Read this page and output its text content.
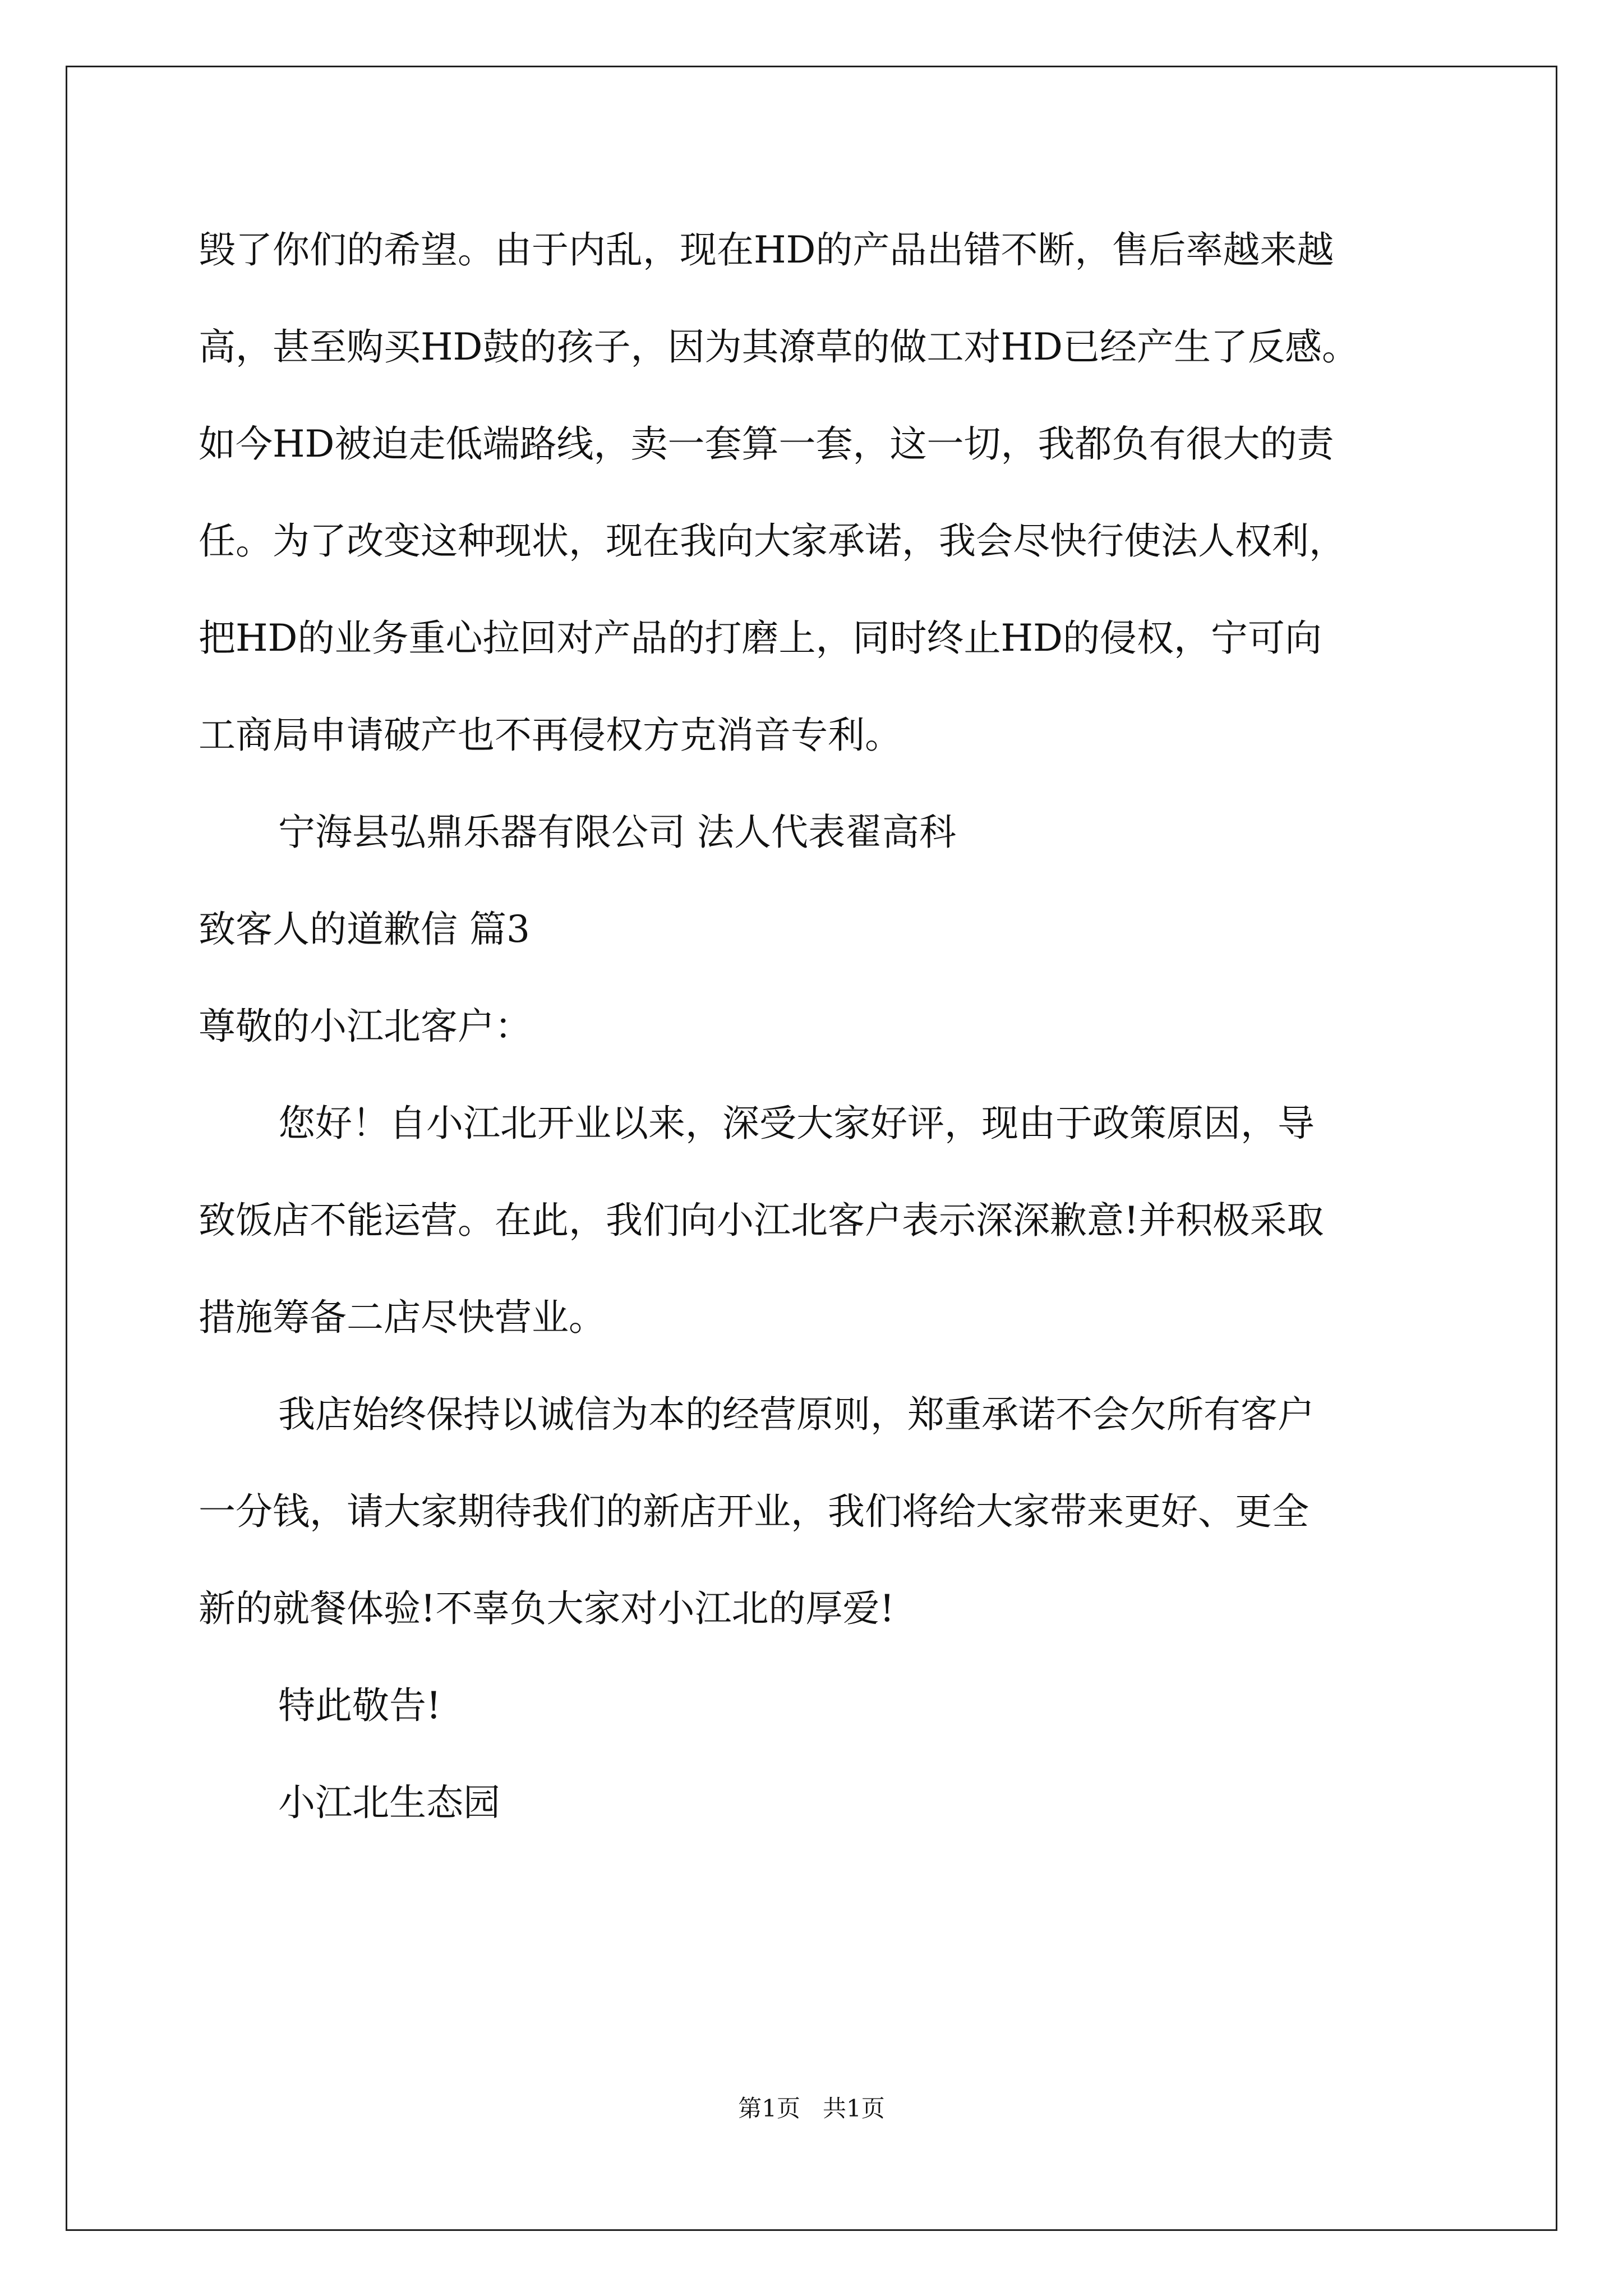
毁了你们的希望。由于内乱，现在HD的产品出错不断，售后率越来越
高，甚至购买HD鼓的孩子，因为其潦草的做工对HD已经产生了反感。
如今HD被迫走低端路线，卖一套算一套，这一切，我都负有很大的责
任。为了改变这种现状，现在我向大家承诺，我会尽快行使法人权利，
把HD的业务重心拉回对产品的打磨上，同时终止HD的侵权，宁可向
工商局申请破产也不再侵权方克消音专利。
宁海县弘鼎乐器有限公司 法人代表翟高科
致客人的道歉信 篇3
尊敬的小江北客户：
您好！自小江北开业以来，深受大家好评，现由于政策原因，导
致饭店不能运营。在此，我们向小江北客户表示深深歉意!并积极采取
措施筹备二店尽快营业。
我店始终保持以诚信为本的经营原则，郑重承诺不会欠所有客户
一分钱，请大家期待我们的新店开业，我们将给大家带来更好、更全
新的就餐体验!不辜负大家对小江北的厚爱!
特此敬告!
小江北生态园
第1页   共1页
